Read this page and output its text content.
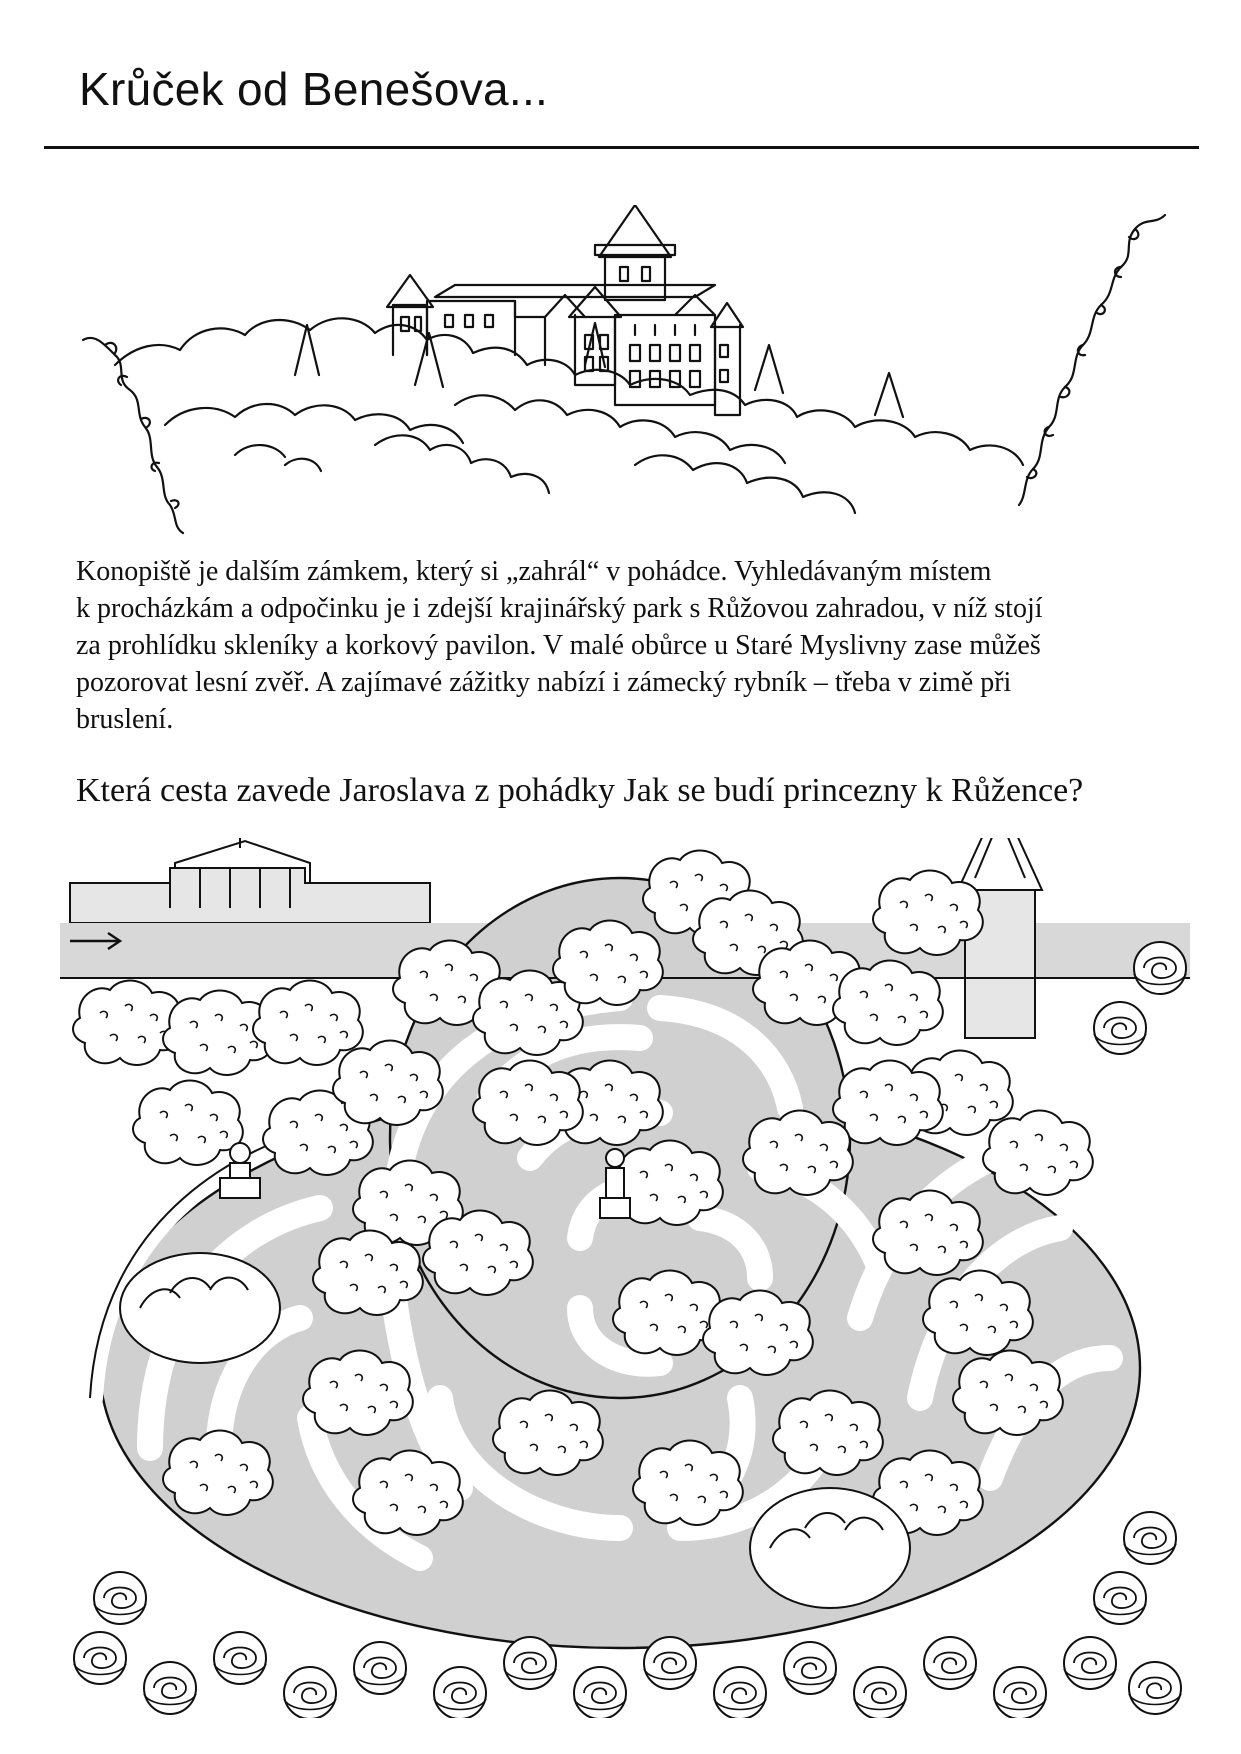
Krůček od Benešova...
Konopiště je dalším zámkem, který si „zahrál“ v pohádce. Vyhledávaným místem
k procházkám a odpočinku je i zdejší krajinářský park s Růžovou zahradou, v níž stojí
za prohlídku skleníky a korkový pavilon. V malé obůrce u Staré Myslivny zase můžeš
pozorovat lesní zvěř. A zajímavé zážitky nabízí i zámecký rybník – třeba v zimě při
bruslení.
Která cesta zavede Jaroslava z pohádky Jak se budí princezny k Růžence?
